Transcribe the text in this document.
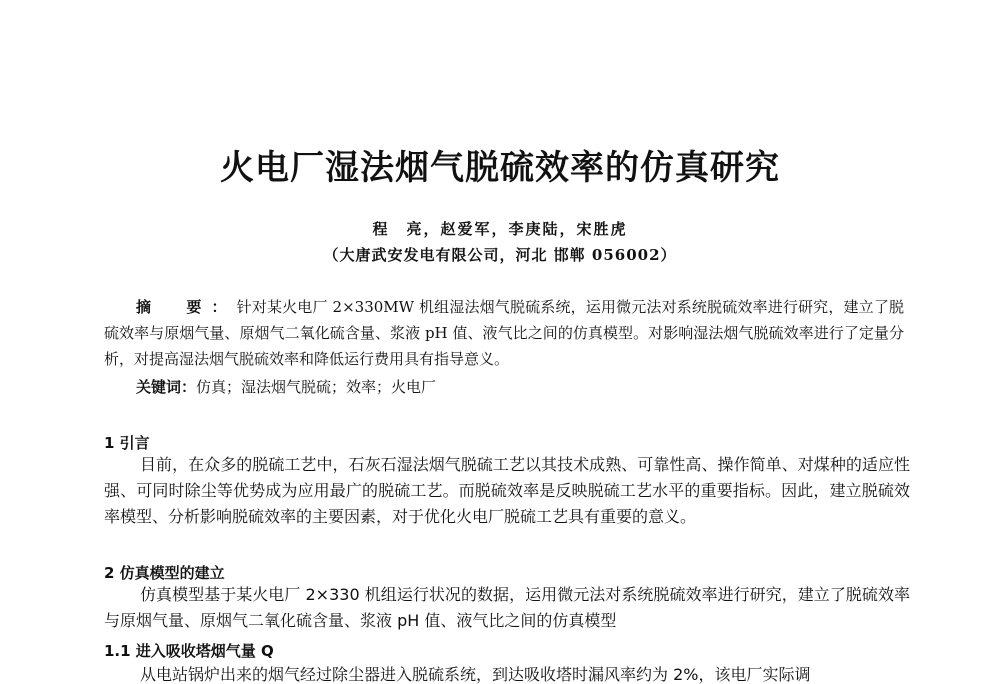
火电厂湿法烟气脱硫效率的仿真研究

程　亮，赵爱军，李庚陆，宋胜虎

（大唐武安发电有限公司，河北 邯郸 056002）

摘　要：针对某火电厂 2×330MW 机组湿法烟气脱硫系统，运用微元法对系统脱硫效率进行研究，建立了脱硫效率与原烟气量、原烟气二氧化硫含量、浆液 pH 值、液气比之间的仿真模型。对影响湿法烟气脱硫效率进行了定量分析，对提高湿法烟气脱硫效率和降低运行费用具有指导意义。

关键词：仿真；湿法烟气脱硫；效率；火电厂

1 引言

目前，在众多的脱硫工艺中，石灰石湿法烟气脱硫工艺以其技术成熟、可靠性高、操作简单、对煤种的适应性强、可同时除尘等优势成为应用最广的脱硫工艺。而脱硫效率是反映脱硫工艺水平的重要指标。因此，建立脱硫效率模型、分析影响脱硫效率的主要因素，对于优化火电厂脱硫工艺具有重要的意义。

2 仿真模型的建立

仿真模型基于某火电厂 2×330 机组运行状况的数据，运用微元法对系统脱硫效率进行研究，建立了脱硫效率与原烟气量、原烟气二氧化硫含量、浆液 pH 值、液气比之间的仿真模型

1.1 进入吸收塔烟气量 Q

从电站锅炉出来的烟气经过除尘器进入脱硫系统，到达吸收塔时漏风率约为 2%，该电厂实际调
